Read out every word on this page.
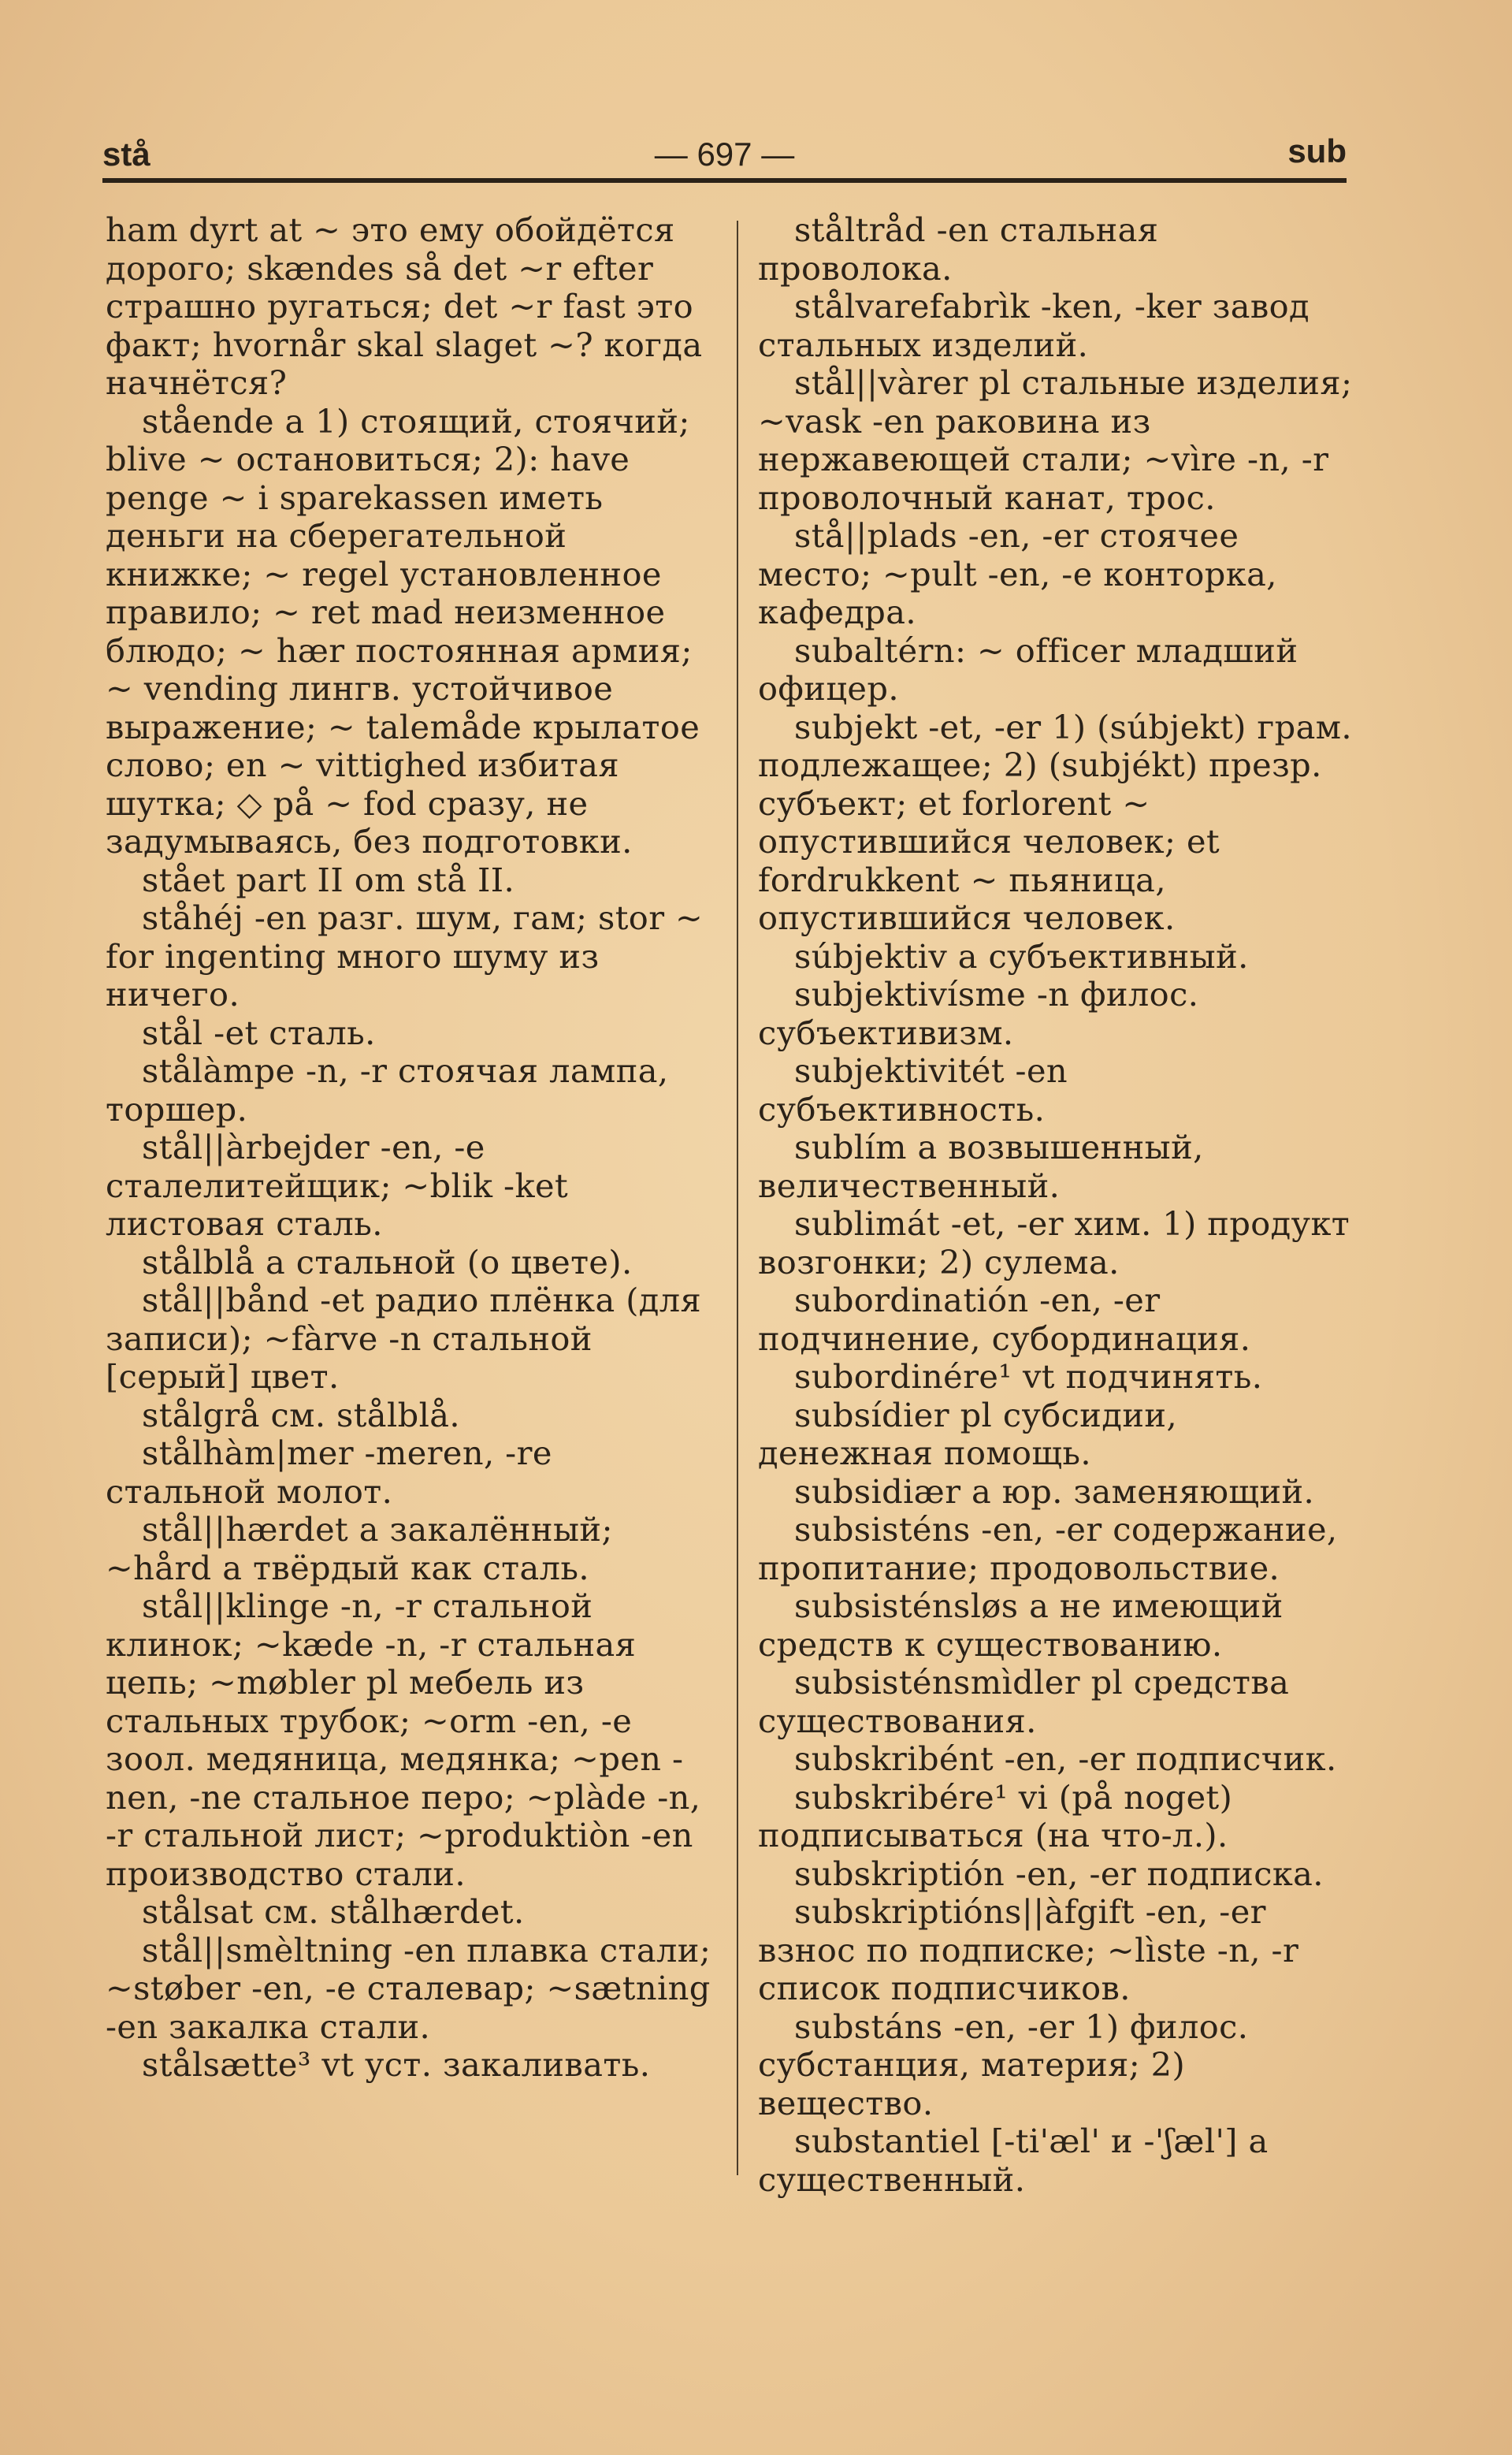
stå	— 697 —	sub

ham dyrt at ~ это ему обойдётся дорого; skændes så det ~r efter страшно ругаться; det ~r fast это факт; hvornår skal slaget ~? когда начнётся?

stående a 1) стоящий, стоячий; blive ~ остановиться; 2): have penge ~ i sparekassen иметь деньги на сберегательной книжке; ~ regel установленное правило; ~ ret mad неизменное блюдо; ~ hær постоянная армия; ~ vending лингв. устойчивое выражение; ~ talemåde крылатое слово; en ~ vittighed избитая шутка; ◇ på ~ fod сразу, не задумываясь, без подготовки.

stået part II om stå II.

ståhéj -en разг. шум, гам; stor ~ for ingenting много шуму из ничего.

stål -et сталь.

stålàmpe -n, -r стоячая лампа, торшер.

stål||àrbejder -en, -e сталелитейщик; ~blik -ket листовая сталь.

stålblå a стальной (о цвете).

stål||bånd -et радио плёнка (для записи); ~fàrve -n стальной [серый] цвет.

stålgrå см. stålblå.

stålhàm|mer -meren, -re стальной молот.

stål||hærdet a закалённый; ~hård a твёрдый как сталь.

stål||klinge -n, -r стальной клинок; ~kæde -n, -r стальная цепь; ~møbler pl мебель из стальных трубок; ~orm -en, -e зоол. медяница, медянка; ~pen -nen, -ne стальное перо; ~plàde -n, -r стальной лист; ~produktiòn -en производство стали.

stålsat см. stålhærdet.

stål||smèltning -en плавка стали; ~støber -en, -e сталевар; ~sætning -en закалка стали.

stålsætte³ vt уст. закаливать.

ståltråd -en стальная проволока.

stålvarefabrìk -ken, -ker завод стальных изделий.

stål||vàrer pl стальные изделия; ~vask -en раковина из нержавеющей стали; ~vìre -n, -r проволочный канат, трос.

stå||plads -en, -er стоячее место; ~pult -en, -e конторка, кафедра.

subaltérn: ~ officer младший офицер.

subjekt -et, -er 1) (súbjekt) грам. подлежащее; 2) (subjékt) презр. субъект; et forlorent ~ опустившийся человек; et fordrukkent ~ пьяница, опустившийся человек.

súbjektiv a субъективный.

subjektivísme -n филос. субъективизм.

subjektivitét -en субъективность.

sublím a возвышенный, величественный.

sublimát -et, -er хим. 1) продукт возгонки; 2) сулема.

subordinatión -en, -er подчинение, субординация.

subordinére¹ vt подчинять.

subsídier pl субсидии, денежная помощь.

subsidiær a юр. заменяющий.

subsisténs -en, -er содержание, пропитание; продовольствие.

subsisténsløs a не имеющий средств к существованию.

subsisténsmìdler pl средства существования.

subskribént -en, -er подписчик.

subskribére¹ vi (på noget) подписываться (на что-л.).

subskriptión -en, -er подписка.

subskriptións||àfgift -en, -er взнос по подписке; ~lìste -n, -r список подписчиков.

substáns -en, -er 1) филос. субстанция, материя; 2) вещество.

substantiel [-ti'æl' и -'ʃæl'] a существенный.
